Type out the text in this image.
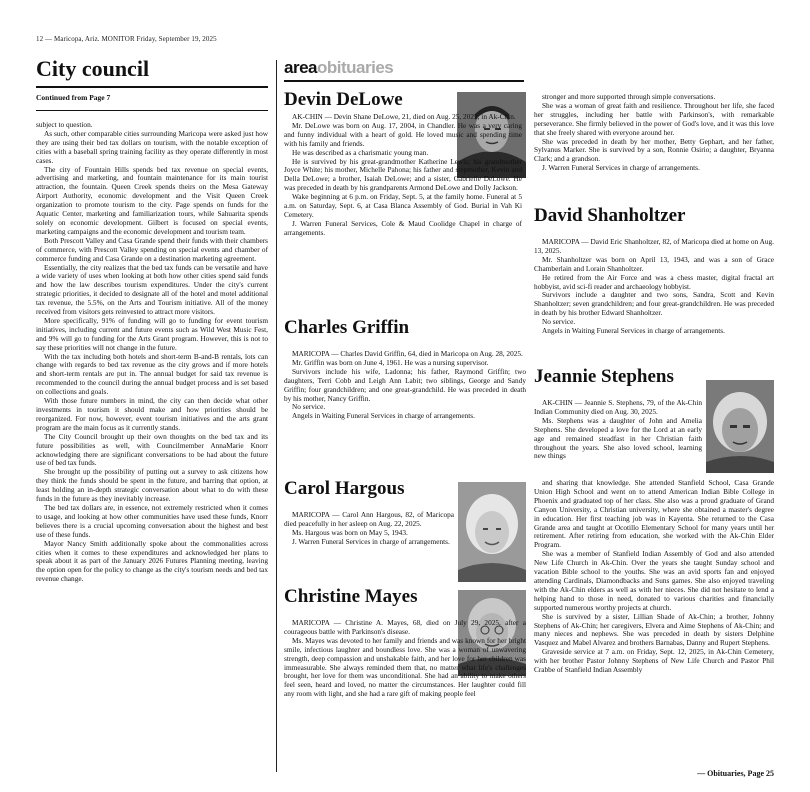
12 — Maricopa, Ariz. MONITOR Friday, September 19, 2025
City council
Continued from Page 7

subject to question.

As such, other comparable cities surrounding Maricopa were asked just how they are using their bed tax dollars on tourism, with the notable exception of cities with a baseball spring training facility as they operate differently in most cases.

The city of Fountain Hills spends bed tax revenue on special events, advertising and marketing, and fountain maintenance for its main tourist attraction, the fountain. Queen Creek spends theirs on the Mesa Gateway Airport Authority, economic development and the Visit Queen Creek organization to promote tourism to the city. Page spends on funds for the Aquatic Center, marketing and familiarization tours, while Sahuarita spends solely on economic development. Gilbert is focused on special events, marketing campaigns and the economic development and tourism team.

Both Prescott Valley and Casa Grande spend their funds with their chambers of commerce, with Prescott Valley spending on special events and chamber of commerce funding and Casa Grande on a destination marketing agreement.

Essentially, the city realizes that the bed tax funds can be versatile and have a wide variety of uses when looking at both how other cities spend said funds and how the law describes tourism expenditures. Under the city's current strategic priorities, it decided to designate all of the hotel and motel additional tax revenue, the 5.5%, on the Arts and Tourism initiative. All of the money received from visitors gets reinvested to attract more visitors.

More specifically, 91% of funding will go to funding for event tourism initiatives, including current and future events such as Wild West Music Fest, and 9% will go to funding for the Arts Grant program. However, this is not to say these priorities will not change in the future.

With the tax including both hotels and short-term B-and-B rentals, lots can change with regards to bed tax revenue as the city grows and if more hotels and short-term rentals are put in. The annual budget for said tax revenue is recommended to the council during the annual budget process and is set based on collections and goals.

With those future numbers in mind, the city can then decide what other investments in tourism it should make and how priorities should be reorganized. For now, however, event tourism initiatives and the arts grant program are the main focus as it currently stands.

The City Council brought up their own thoughts on the bed tax and its future possibilities as well, with Councilmember AnnaMarie Knorr acknowledging there are significant conversations to be had about the future use of bed tax funds.

She brought up the possibility of putting out a survey to ask citizens how they think the funds should be spent in the future, and barring that option, at least holding an in-depth strategic conversation about what to do with these funds in the future as they inevitably increase.

The bed tax dollars are, in essence, not extremely restricted when it comes to usage, and looking at how other communities have used these funds, Knorr believes there is a crucial upcoming conversation about the highest and best use of these funds.

Mayor Nancy Smith additionally spoke about the commonalities across cities when it comes to these expenditures and acknowledged her plans to speak about it as part of the January 2026 Futures Planning meeting, leaving the option open for the policy to change as the city's tourism needs and bed tax revenue change.

areaobituaries
Devin DeLowe

AK-CHIN — Devin Shane DeLowe, 21, died on Aug. 25, 2025, in Ak-Chin.

Mr. DeLowe was born on Aug. 17, 2004, in Chandler. He was a very caring and funny individual with a heart of gold. He loved music and spending time with his family and friends.

He was described as a charismatic young man.

He is survived by his great-grandmother Katherine Lewis; his grandmother Joyce White; his mother, Michelle Pahona; his father and stepmother, Kevin and Della DeLowe; a brother, Isaiah DeLowe; and a sister, Gabrielle DeLowe. He was preceded in death by his grandparents Armond DeLowe and Dolly Jackson.

Wake beginning at 6 p.m. on Friday, Sept. 5, at the family home. Funeral at 5 a.m. on Saturday, Sept. 6, at Casa Blanca Assembly of God. Burial in Vah Ki Cemetery.

J. Warren Funeral Services, Cole & Maud Coolidge Chapel in charge of arrangements.

Charles Griffin

MARICOPA — Charles David Griffin, 64, died in Maricopa on Aug. 28, 2025.

Mr. Griffin was born on June 4, 1961. He was a nursing supervisor.

Survivors include his wife, Ladonna; his father, Raymond Griffin; two daughters, Terri Cobb and Leigh Ann Labit; two siblings, George and Sandy Griffin; four grandchildren; and one great-grandchild. He was preceded in death by his mother, Nancy Griffin.

No service.

Angels in Waiting Funeral Services in charge of arrangements.

Carol Hargous

MARICOPA — Carol Ann Hargous, 82, of Maricopa died peacefully in her asleep on Aug. 22, 2025.

Ms. Hargous was born on May 5, 1943.

J. Warren Funeral Services in charge of arrangements.

Christine Mayes

MARICOPA — Christine A. Mayes, 68, died on July 29, 2025, after a courageous battle with Parkinson's disease.

Ms. Mayes was devoted to her family and friends and was known for her bright smile, infectious laughter and boundless love. She was a woman of unwavering strength, deep compassion and unshakable faith, and her love for her children was immeasurable. She always reminded them that, no matter what life's challenges brought, her love for them was unconditional. She had an ability to make others feel seen, heard and loved, no matter the circumstances. Her laughter could fill any room with light, and she had a rare gift of making people feel

stronger and more supported through simple conversations.

She was a woman of great faith and resilience. Throughout her life, she faced her struggles, including her battle with Parkinson's, with remarkable perseverance. She firmly believed in the power of God's love, and it was this love that she freely shared with everyone around her.

She was preceded in death by her mother, Betty Gephart, and her father, Sylvanus Marker. She is survived by a son, Ronnie Osirio; a daughter, Bryanna Clark; and a grandson.

J. Warren Funeral Services in charge of arrangements.

David Shanholtzer

MARICOPA — David Eric Shanholtzer, 82, of Maricopa died at home on Aug. 13, 2025.

Mr. Shanholtzer was born on April 13, 1943, and was a son of Grace Chamberlain and Lorain Shanholtzer.

He retired from the Air Force and was a chess master, digital fractal art hobbyist, avid sci-fi reader and archaeology hobbyist.

Survivors include a daughter and two sons, Sandra, Scott and Kevin Shanholtzer; seven grandchildren; and four great-grandchildren. He was preceded in death by his brother Edward Shanholtzer.

No service.

Angels in Waiting Funeral Services in charge of arrangements.

Jeannie Stephens

AK-CHIN — Jeannie S. Stephens, 79, of the Ak-Chin Indian Community died on Aug. 30, 2025.

Ms. Stephens was a daughter of John and Amelia Stephens. She developed a love for the Lord at an early age and remained steadfast in her Christian faith throughout the years. She also loved school, learning new things

and sharing that knowledge. She attended Stanfield School, Casa Grande Union High School and went on to attend American Indian Bible College in Phoenix and graduated top of her class. She also was a proud graduate of Grand Canyon University, a Christian university, where she obtained a master's degree in education. Her first teaching job was in Kayenta. She returned to the Casa Grande area and taught at Ocotillo Elementary School for many years until her retirement. After retiring from education, she worked with the Ak-Chin Elder Program.

She was a member of Stanfield Indian Assembly of God and also attended New Life Church in Ak-Chin. Over the years she taught Sunday school and vacation Bible school to the youths. She was an avid sports fan and enjoyed attending Cardinals, Diamondbacks and Suns games. She also enjoyed traveling with the Ak-Chin elders as well as with her nieces. She did not hesitate to lend a helping hand to those in need, donated to various charities and financially supported numerous worthy projects at church.

She is survived by a sister, Lillian Shade of Ak-Chin; a brother, Johnny Stephens of Ak-Chin; her caregivers, Elvera and Aime Stephens of Ak-Chin; and many nieces and nephews. She was preceded in death by sisters Delphine Vasquez and Mabel Alvarez and brothers Barnabas, Danny and Rupert Stephens.

Graveside service at 7 a.m. on Friday, Sept. 12, 2025, in Ak-Chin Cemetery, with her brother Pastor Johnny Stephens of New Life Church and Pastor Phil Crabbe of Stanfield Indian Assembly

— Obituaries, Page 25
